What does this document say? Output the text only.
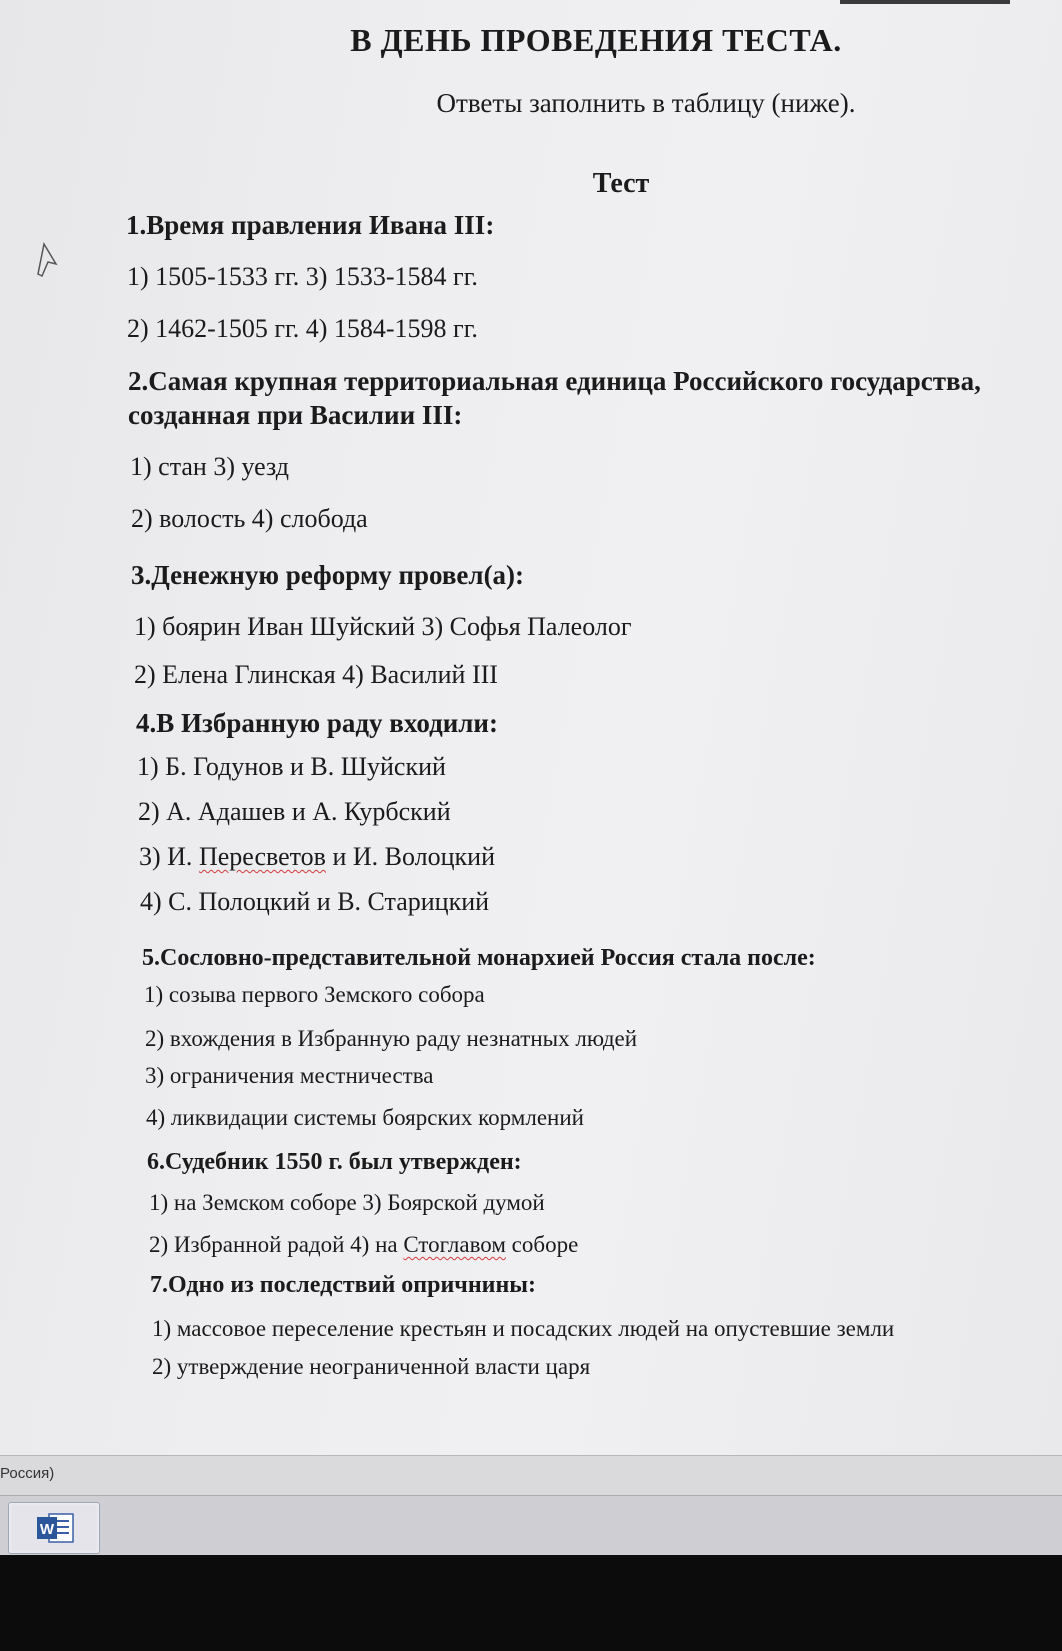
В ДЕНЬ ПРОВЕДЕНИЯ ТЕСТА.
Ответы заполнить в таблицу (ниже).
Тест
1.Время правления Ивана III:
1) 1505-1533 гг. 3) 1533-1584 гг.
2) 1462-1505 гг. 4) 1584-1598 гг.
2.Самая крупная территориальная единица Российского государства,
созданная при Василии III:
1) стан 3) уезд
2) волость 4) слобода
3.Денежную реформу провел(а):
1) боярин Иван Шуйский 3) Софья Палеолог
2) Елена Глинская 4) Василий III
4.В Избранную раду входили:
1) Б. Годунов и В. Шуйский
2) А. Адашев и А. Курбский
3) И. Пересветов и И. Волоцкий
4) С. Полоцкий и В. Старицкий
5.Сословно-представительной монархией Россия стала после:
1) созыва первого Земского собора
2) вхождения в Избранную раду незнатных людей
3) ограничения местничества
4) ликвидации системы боярских кормлений
6.Судебник 1550 г. был утвержден:
1) на Земском соборе 3) Боярской думой
2) Избранной радой 4) на Стоглавом соборе
7.Одно из последствий опричнины:
1) массовое переселение крестьян и посадских людей на опустевшие земли
2) утверждение неограниченной власти царя
Россия)
W
